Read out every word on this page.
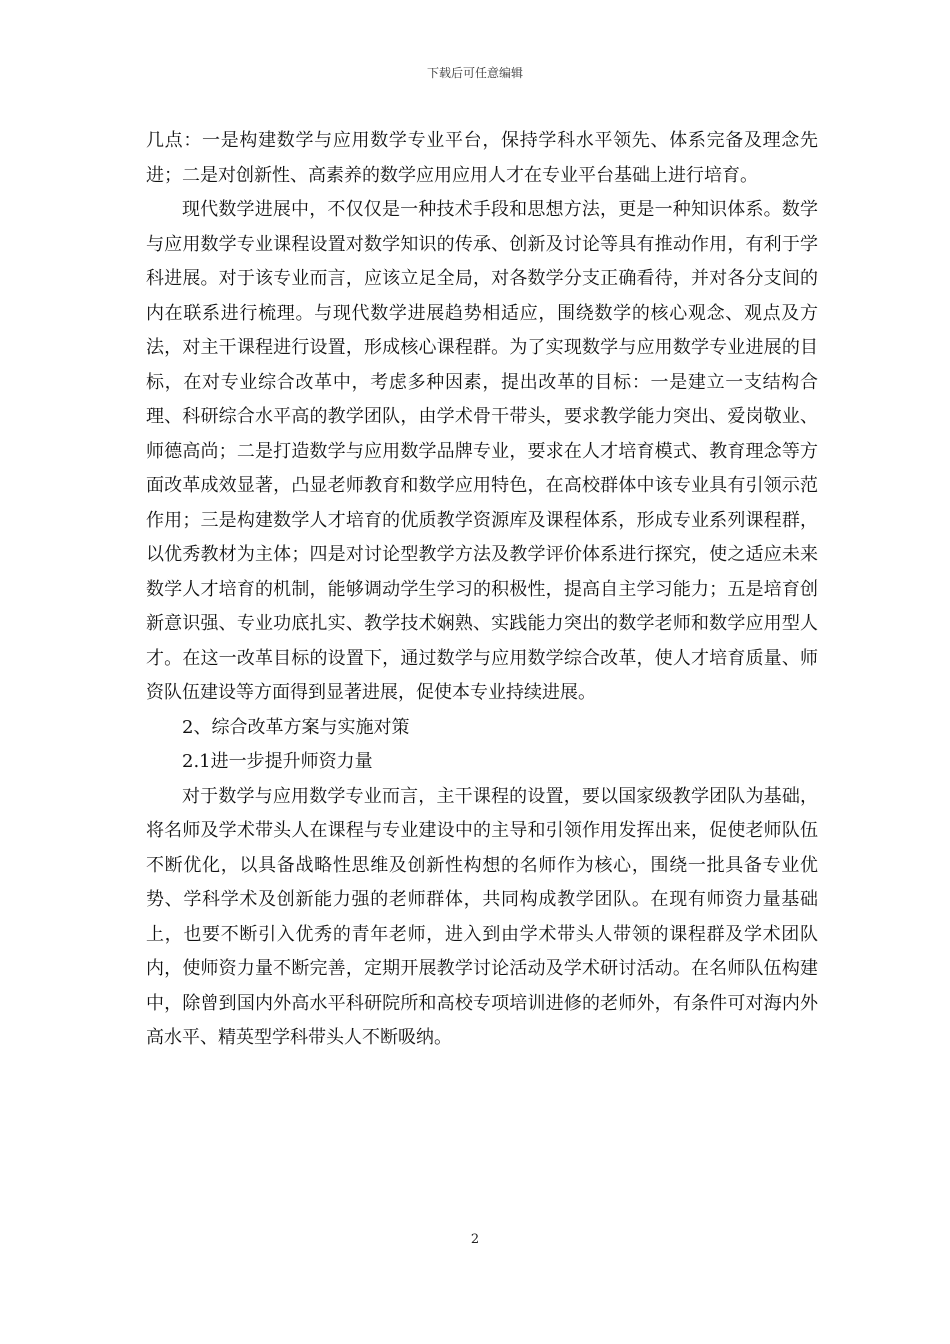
下载后可任意编辑

几点：一是构建数学与应用数学专业平台，保持学科水平领先、体系完备及理念先进；二是对创新性、高素养的数学应用应用人才在专业平台基础上进行培育。

现代数学进展中，不仅仅是一种技术手段和思想方法，更是一种知识体系。数学与应用数学专业课程设置对数学知识的传承、创新及讨论等具有推动作用，有利于学科进展。对于该专业而言，应该立足全局，对各数学分支正确看待，并对各分支间的内在联系进行梳理。与现代数学进展趋势相适应，围绕数学的核心观念、观点及方法，对主干课程进行设置，形成核心课程群。为了实现数学与应用数学专业进展的目标，在对专业综合改革中，考虑多种因素，提出改革的目标：一是建立一支结构合理、科研综合水平高的教学团队，由学术骨干带头，要求教学能力突出、爱岗敬业、师德高尚；二是打造数学与应用数学品牌专业，要求在人才培育模式、教育理念等方面改革成效显著，凸显老师教育和数学应用特色，在高校群体中该专业具有引领示范作用；三是构建数学人才培育的优质教学资源库及课程体系，形成专业系列课程群，以优秀教材为主体；四是对讨论型教学方法及教学评价体系进行探究，使之适应未来数学人才培育的机制，能够调动学生学习的积极性，提高自主学习能力；五是培育创新意识强、专业功底扎实、教学技术娴熟、实践能力突出的数学老师和数学应用型人才。在这一改革目标的设置下，通过数学与应用数学综合改革，使人才培育质量、师资队伍建设等方面得到显著进展，促使本专业持续进展。

2、综合改革方案与实施对策

2.1进一步提升师资力量

对于数学与应用数学专业而言，主干课程的设置，要以国家级教学团队为基础，将名师及学术带头人在课程与专业建设中的主导和引领作用发挥出来，促使老师队伍不断优化，以具备战略性思维及创新性构想的名师作为核心，围绕一批具备专业优势、学科学术及创新能力强的老师群体，共同构成教学团队。在现有师资力量基础上，也要不断引入优秀的青年老师，进入到由学术带头人带领的课程群及学术团队内，使师资力量不断完善，定期开展教学讨论活动及学术研讨活动。在名师队伍构建中，除曾到国内外高水平科研院所和高校专项培训进修的老师外，有条件可对海内外高水平、精英型学科带头人不断吸纳。

2
